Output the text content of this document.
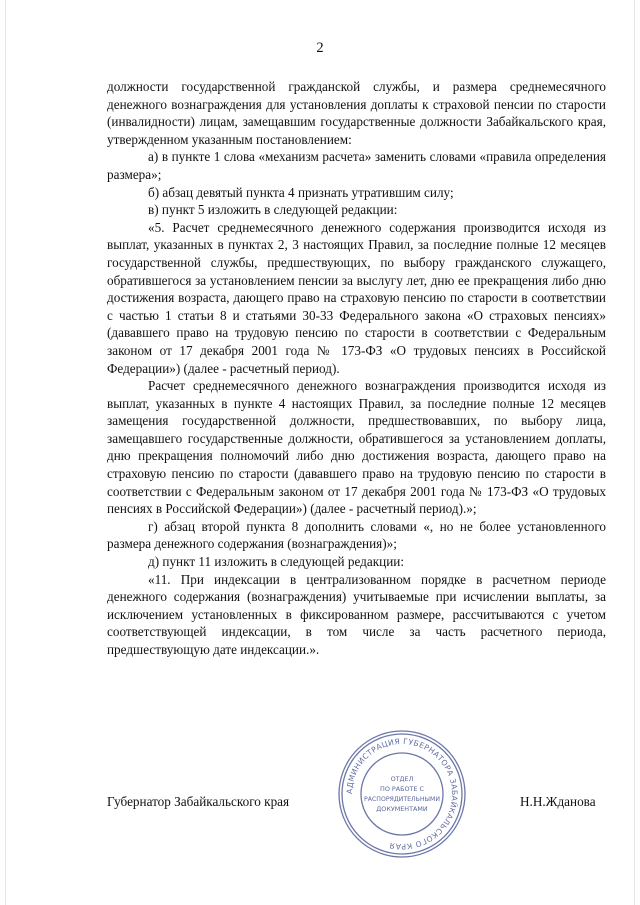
2

должности государственной гражданской службы, и размера среднемесячного денежного вознаграждения для установления доплаты к страховой пенсии по старости (инвалидности) лицам, замещавшим государственные должности Забайкальского края, утвержденном указанным постановлением:

а) в пункте 1 слова «механизм расчета» заменить словами «правила определения размера»;

б) абзац девятый пункта 4 признать утратившим силу;

в) пункт 5 изложить в следующей редакции:

«5. Расчет среднемесячного денежного содержания производится исходя из выплат, указанных в пунктах 2, 3 настоящих Правил, за последние полные 12 месяцев государственной службы, предшествующих, по выбору гражданского служащего, обратившегося за установлением пенсии за выслугу лет, дню ее прекращения либо дню достижения возраста, дающего право на страховую пенсию по старости в соответствии с частью 1 статьи 8 и статьями 30-33 Федерального закона «О страховых пенсиях» (дававшего право на трудовую пенсию по старости в соответствии с Федеральным законом от 17 декабря 2001 года № 173-ФЗ «О трудовых пенсиях в Российской Федерации») (далее - расчетный период).

Расчет среднемесячного денежного вознаграждения производится исходя из выплат, указанных в пункте 4 настоящих Правил, за последние полные 12 месяцев замещения государственной должности, предшествовавших, по выбору лица, замещавшего государственные должности, обратившегося за установлением доплаты, дню прекращения полномочий либо дню достижения возраста, дающего право на страховую пенсию по старости (дававшего право на трудовую пенсию по старости в соответствии с Федеральным законом от 17 декабря 2001 года № 173-ФЗ «О трудовых пенсиях в Российской Федерации») (далее - расчетный период).»;

г) абзац второй пункта 8 дополнить словами «, но не более установленного размера денежного содержания (вознаграждения)»;

д) пункт 11 изложить в следующей редакции:

«11. При индексации в централизованном порядке в расчетном периоде денежного содержания (вознаграждения) учитываемые при исчислении выплаты, за исключением установленных в фиксированном размере, рассчитываются с учетом соответствующей индексации, в том числе за часть расчетного периода, предшествующую дате индексации.».

Губернатор Забайкальского края	Н.Н.Жданова
АДМИНИСТРАЦИЯ ГУБЕРНАТОРА ЗАБАЙКАЛЬСКОГО КРАЯ
ОТДЕЛ
ПО РАБОТЕ С
РАСПОРЯДИТЕЛЬНЫМИ
ДОКУМЕНТАМИ
